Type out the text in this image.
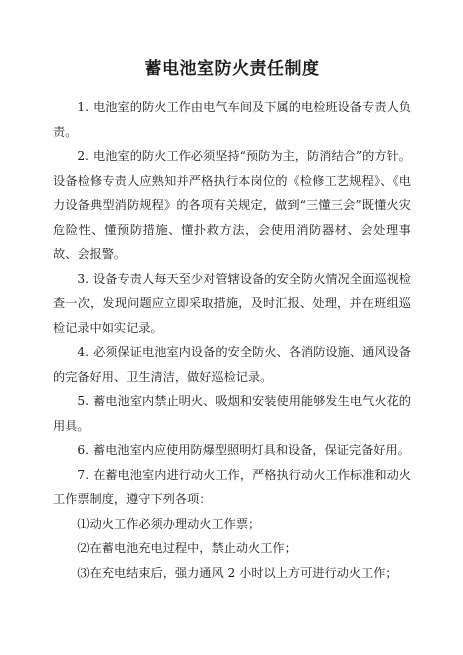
蓄电池室防火责任制度

1. 电池室的防火工作由电气车间及下属的电检班设备专责人负责。

2. 电池室的防火工作必须坚持“预防为主，防消结合”的方针。设备检修专责人应熟知并严格执行本岗位的《检修工艺规程》、《电力设备典型消防规程》的各项有关规定，做到“三懂三会”既懂火灾危险性、懂预防措施、懂扑救方法，会使用消防器材、会处理事故、会报警。

3. 设备专责人每天至少对管辖设备的安全防火情况全面巡视检查一次，发现问题应立即采取措施，及时汇报、处理，并在班组巡检记录中如实记录。

4. 必须保证电池室内设备的安全防火、各消防设施、通风设备的完备好用、卫生清洁，做好巡检记录。

5. 蓄电池室内禁止明火、吸烟和安装使用能够发生电气火花的用具。

6. 蓄电池室内应使用防爆型照明灯具和设备，保证完备好用。

7. 在蓄电池室内进行动火工作，严格执行动火工作标准和动火工作票制度，遵守下列各项：

⑴动火工作必须办理动火工作票；

⑵在蓄电池充电过程中，禁止动火工作；

⑶在充电结束后，强力通风 2 小时以上方可进行动火工作；
